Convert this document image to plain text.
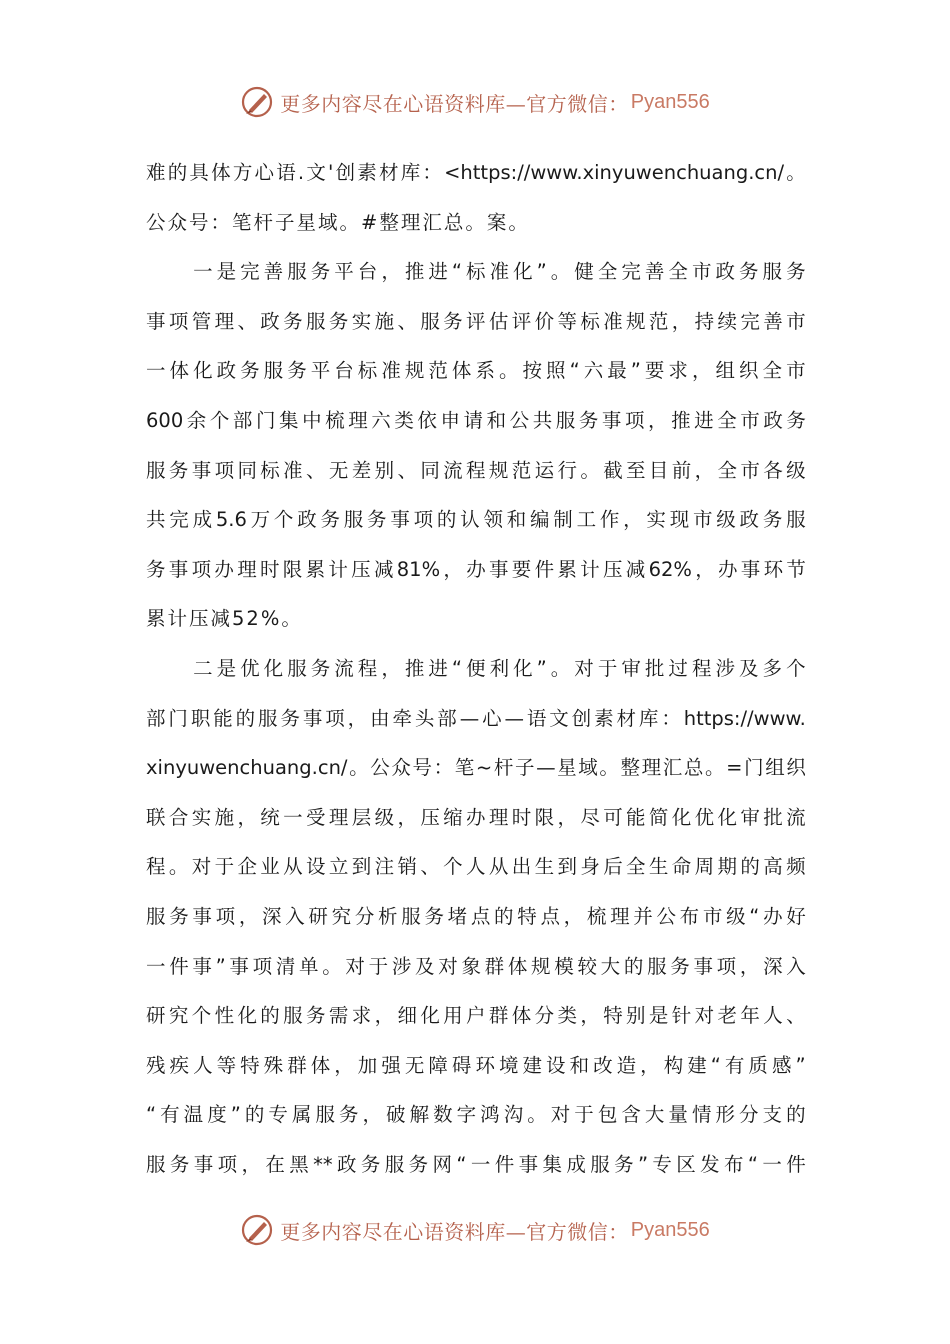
更多内容尽在心语资料库—官方微信： Pyan556
难 的 具 体 方 心 语 . 文 ' 创 素 材 库 ： <https://www.xinyuwenchuang.cn/ 。
公众号：笔杆子星域。#整理汇总。案。

一 是 完 善 服 务 平 台 ， 推 进 “ 标 准 化 ” 。 健 全 完 善 全 市 政 务 服 务
事 项 管 理 、 政 务 服 务 实 施 、 服 务 评 估 评 价 等 标 准 规 范 ， 持 续 完 善 市
一 体 化 政 务 服 务 平 台 标 准 规 范 体 系 。 按 照 “ 六 最 ” 要 求 ， 组 织 全 市
600 余 个 部 门 集 中 梳 理 六 类 依 申 请 和 公 共 服 务 事 项 ， 推 进 全 市 政 务
服 务 事 项 同 标 准 、 无 差 别 、 同 流 程 规 范 运 行 。 截 至 目 前 ， 全 市 各 级
共 完 成 5.6 万 个 政 务 服 务 事 项 的 认 领 和 编 制 工 作 ， 实 现 市 级 政 务 服
务 事 项 办 理 时 限 累 计 压 减 81% ， 办 事 要 件 累 计 压 减 62% ， 办 事 环 节
累计压减52%。

二 是 优 化 服 务 流 程 ， 推 进 “ 便 利 化 ” 。 对 于 审 批 过 程 涉 及 多 个
部 门 职 能 的 服 务 事 项 ， 由 牵 头 部 — 心 — 语 文 创 素 材 库 ： https://www.
xinyuwenchuang.cn/ 。 公 众 号 ： 笔 ~ 杆 子 — 星 域 。 整 理 汇 总 。 = 门 组 织
联 合 实 施 ， 统 一 受 理 层 级 ， 压 缩 办 理 时 限 ， 尽 可 能 简 化 优 化 审 批 流
程 。 对 于 企 业 从 设 立 到 注 销 、 个 人 从 出 生 到 身 后 全 生 命 周 期 的 高 频
服 务 事 项 ， 深 入 研 究 分 析 服 务 堵 点 的 特 点 ， 梳 理 并 公 布 市 级 “ 办 好
一 件 事 ” 事 项 清 单 。 对 于 涉 及 对 象 群 体 规 模 较 大 的 服 务 事 项 ， 深 入
研 究 个 性 化 的 服 务 需 求 ， 细 化 用 户 群 体 分 类 ， 特 别 是 针 对 老 年 人 、
残 疾 人 等 特 殊 群 体 ， 加 强 无 障 碍 环 境 建 设 和 改 造 ， 构 建 “ 有 质 感 ”
“ 有 温 度 ” 的 专 属 服 务 ， 破 解 数 字 鸿 沟 。 对 于 包 含 大 量 情 形 分 支 的
服 务 事 项 ， 在 黑 ** 政 务 服 务 网 “ 一 件 事 集 成 服 务 ” 专 区 发 布 “ 一 件
更多内容尽在心语资料库—官方微信： Pyan556
